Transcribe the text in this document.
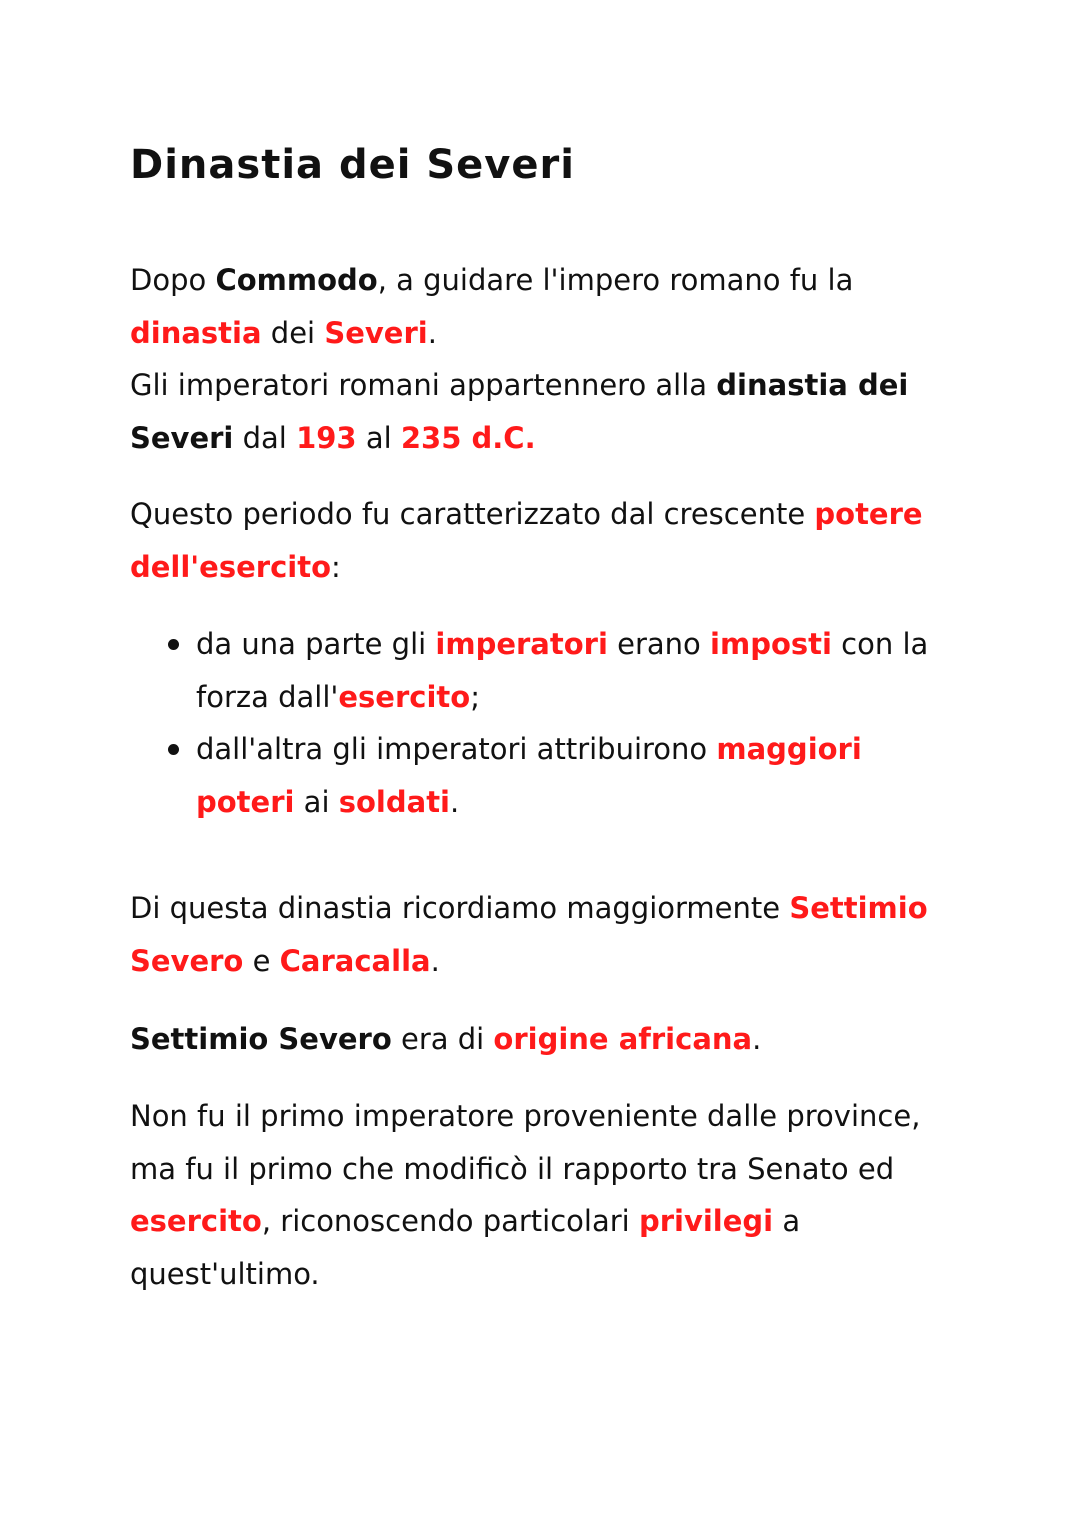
Dinastia dei Severi

Dopo Commodo, a guidare l'impero romano fu la dinastia dei Severi.
Gli imperatori romani appartennero alla dinastia dei Severi dal 193 al 235 d.C.

Questo periodo fu caratterizzato dal crescente potere dell'esercito:

da una parte gli imperatori erano imposti con la forza dall'esercito;
dall'altra gli imperatori attribuirono maggiori poteri ai soldati.

Di questa dinastia ricordiamo maggiormente Settimio Severo e Caracalla.

Settimio Severo era di origine africana.

Non fu il primo imperatore proveniente dalle province, ma fu il primo che modificò il rapporto tra Senato ed esercito, riconoscendo particolari privilegi a quest'ultimo.
